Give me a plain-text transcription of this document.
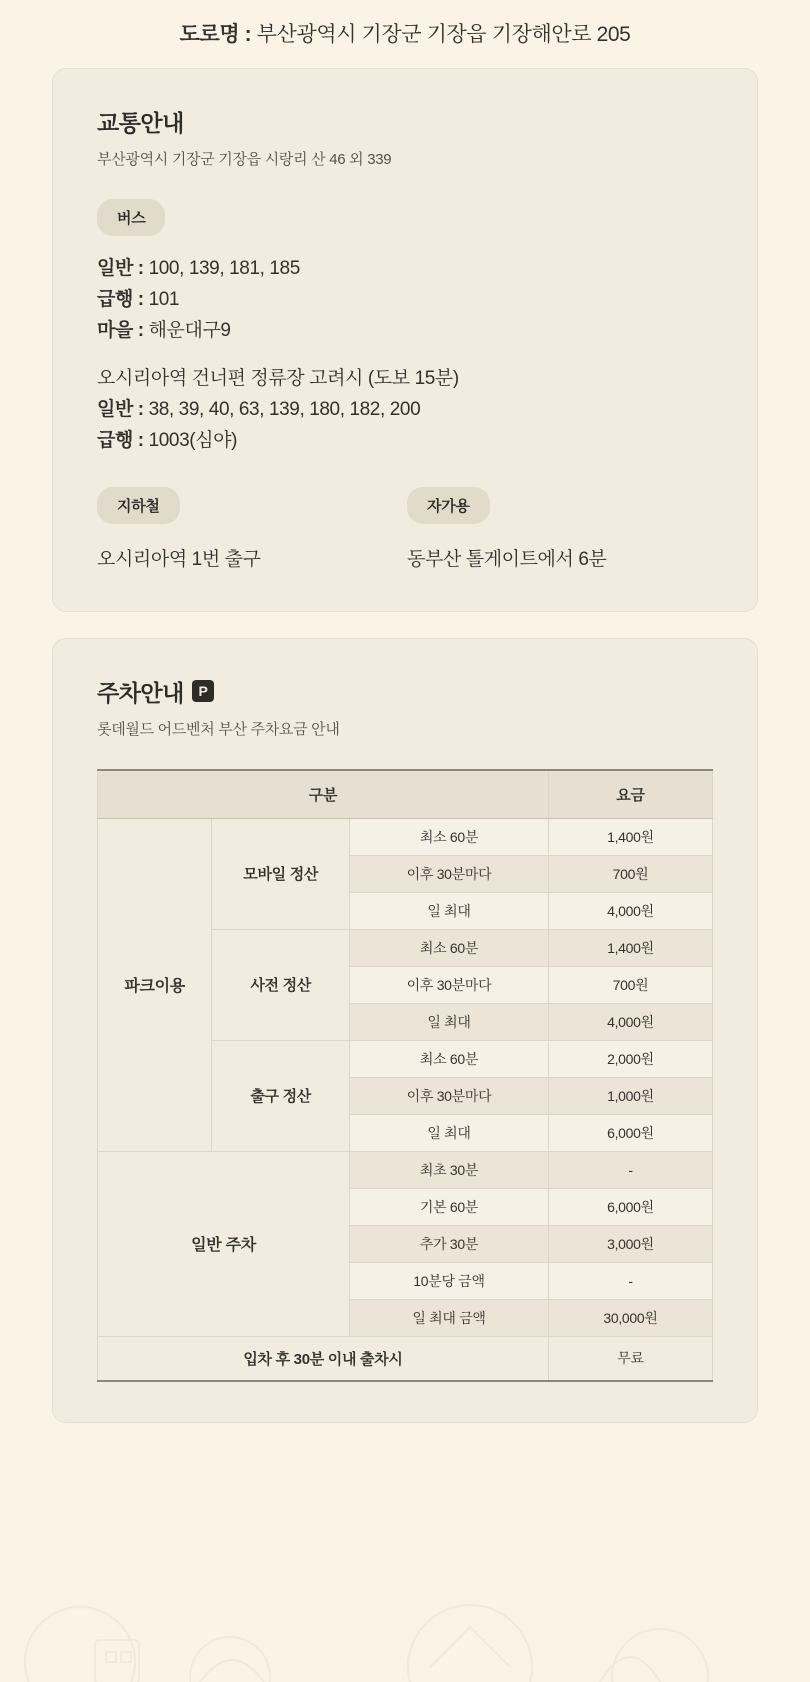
도로명 : 부산광역시 기장군 기장읍 기장해안로 205
교통안내

부산광역시 기장군 기장읍 시랑리 산 46 외 339

버스
일반 : 100, 139, 181, 185
급행 : 101
마을 : 해운대구9
오시리아역 건너편 정류장 고려시 (도보 15분)
일반 : 38, 39, 40, 63, 139, 180, 182, 200
급행 : 1003(심야)
지하철
오시리아역 1번 출구
자가용
동부산 톨게이트에서 6분
주차안내	P

롯데월드 어드벤처 부산 주차요금 안내

구분			요금
파크이용	모바일 정산	최소 60분	1,400원
		이후 30분마다	700원
		일 최대	4,000원
	사전 정산	최소 60분	1,400원
		이후 30분마다	700원
		일 최대	4,000원
	출구 정산	최소 60분	2,000원
		이후 30분마다	1,000원
		일 최대	6,000원
일반 주차		최초 30분	-
		기본 60분	6,000원
		추가 30분	3,000원
		10분당 금액	-
		일 최대 금액	30,000원
입차 후 30분 이내 출차시			무료
